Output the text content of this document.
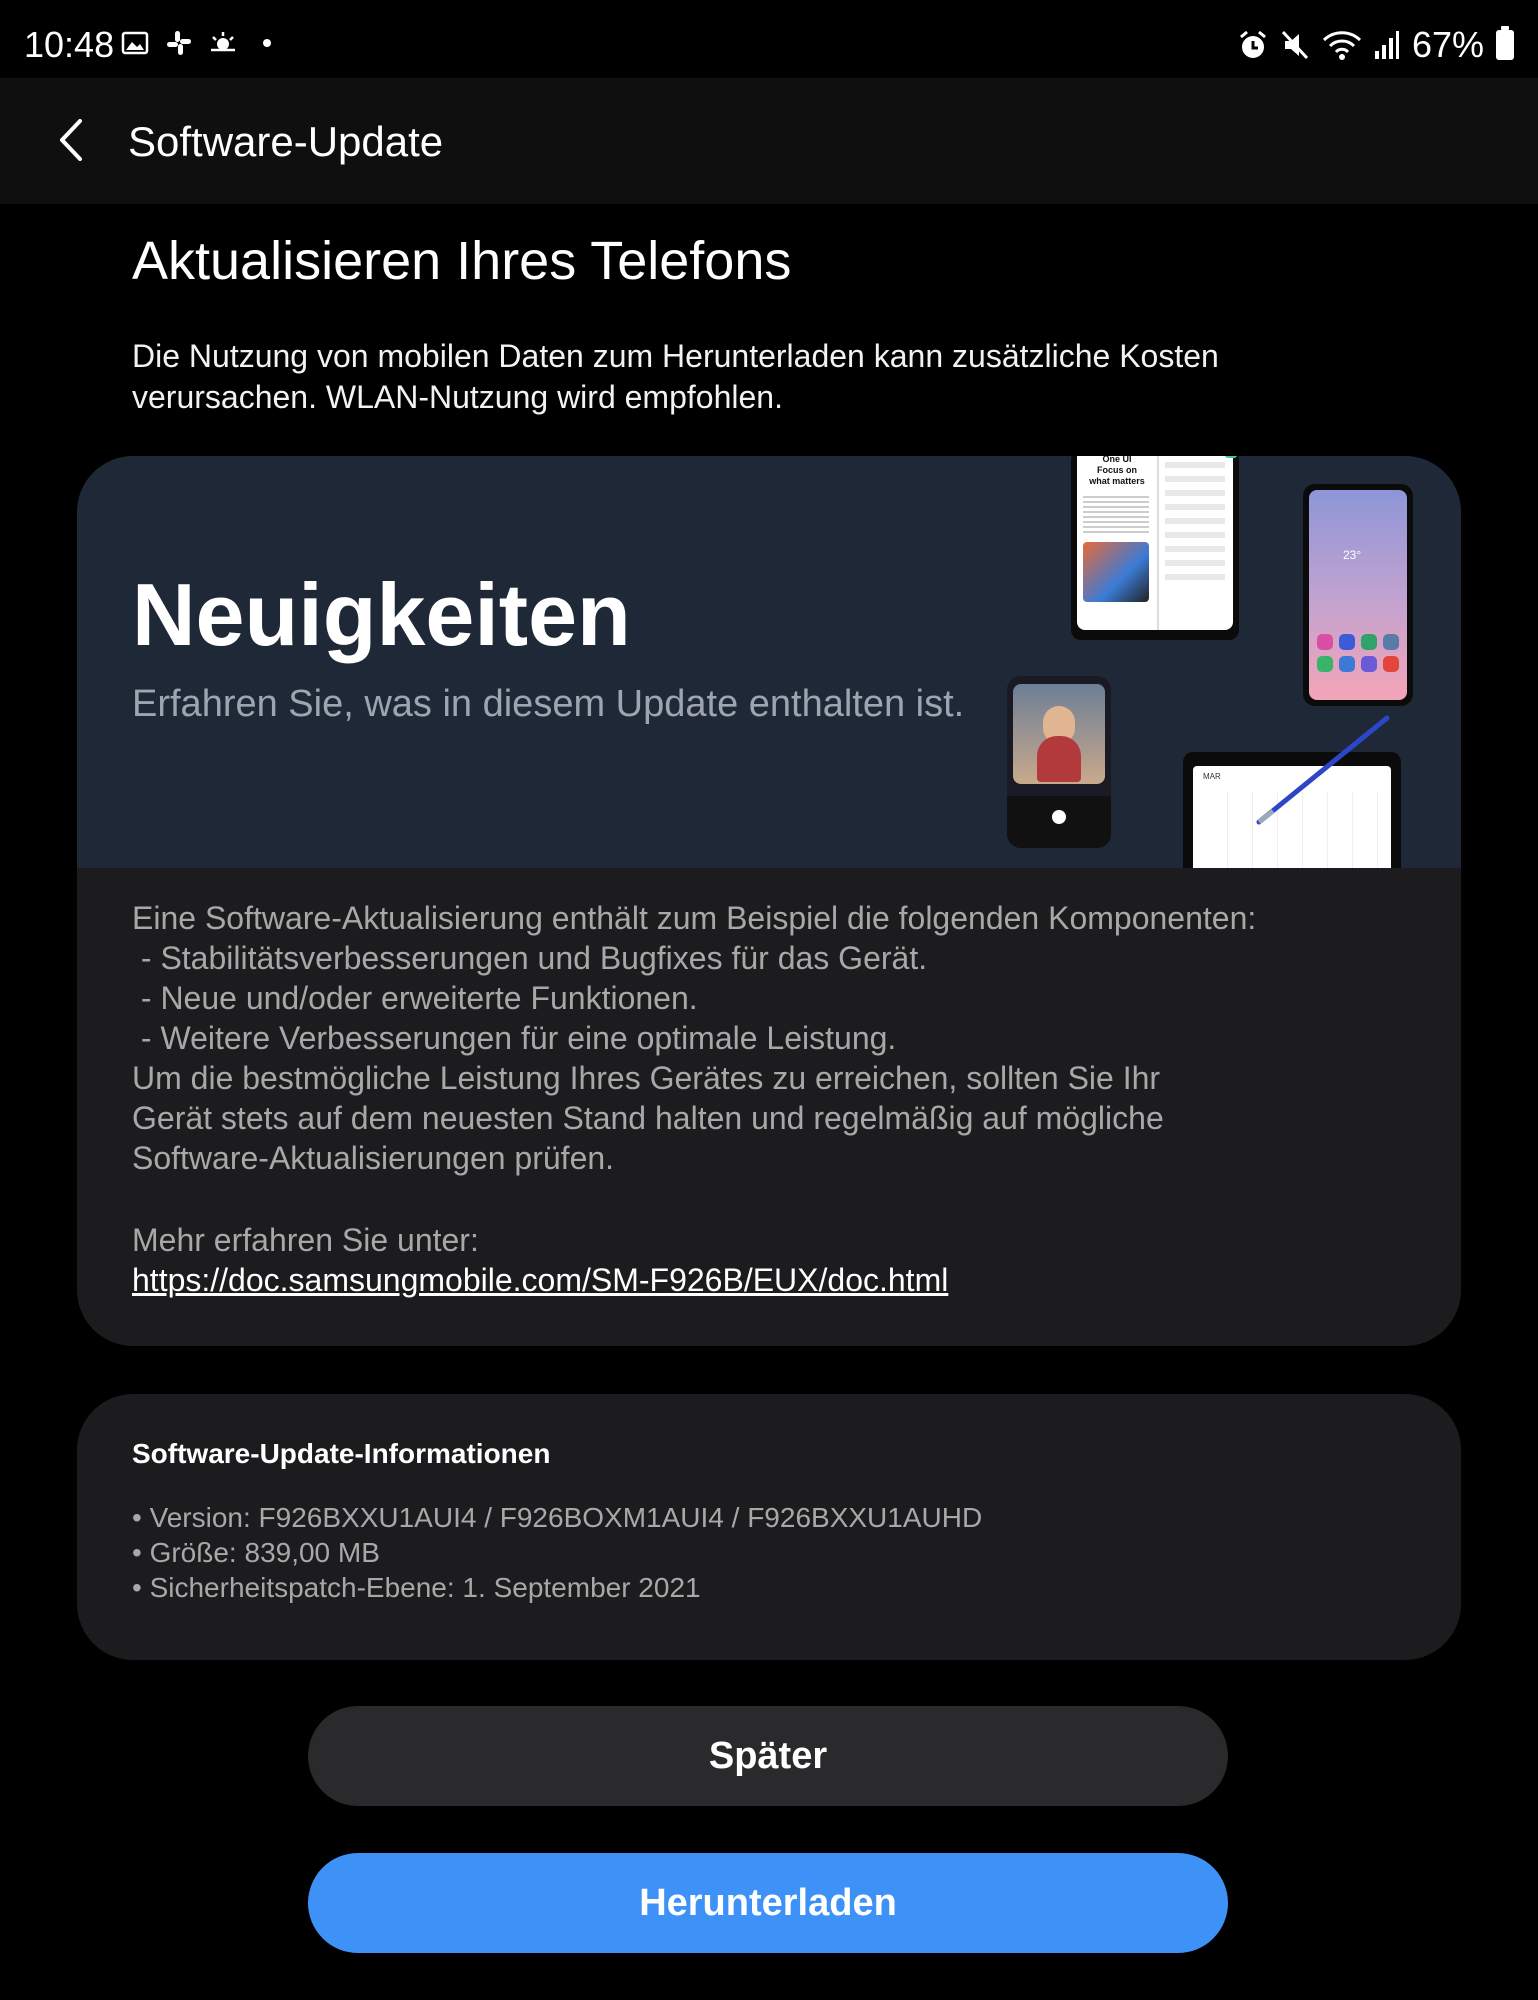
10:48	67%
Software-Update
Aktualisieren Ihres Telefons
Die Nutzung von mobilen Daten zum Herunterladen kann zusätzliche Kosten verursachen. WLAN-Nutzung wird empfohlen.
Neuigkeiten
Erfahren Sie, was in diesem Update enthalten ist.
One UI
Focus on
what matters
23°
MAR
Eine Software-Aktualisierung enthält zum Beispiel die folgenden Komponenten:
- Stabilitätsverbesserungen und Bugfixes für das Gerät.
- Neue und/oder erweiterte Funktionen.
- Weitere Verbesserungen für eine optimale Leistung.
Um die bestmögliche Leistung Ihres Gerätes zu erreichen, sollten Sie Ihr
Gerät stets auf dem neuesten Stand halten und regelmäßig auf mögliche
Software-Aktualisierungen prüfen.
Mehr erfahren Sie unter:
https://doc.samsungmobile.com/SM-F926B/EUX/doc.html
Software-Update-Informationen
• Version: F926BXXU1AUI4 / F926BOXM1AUI4 / F926BXXU1AUHD
• Größe: 839,00 MB
• Sicherheitspatch-Ebene: 1. September 2021
Später
Herunterladen
